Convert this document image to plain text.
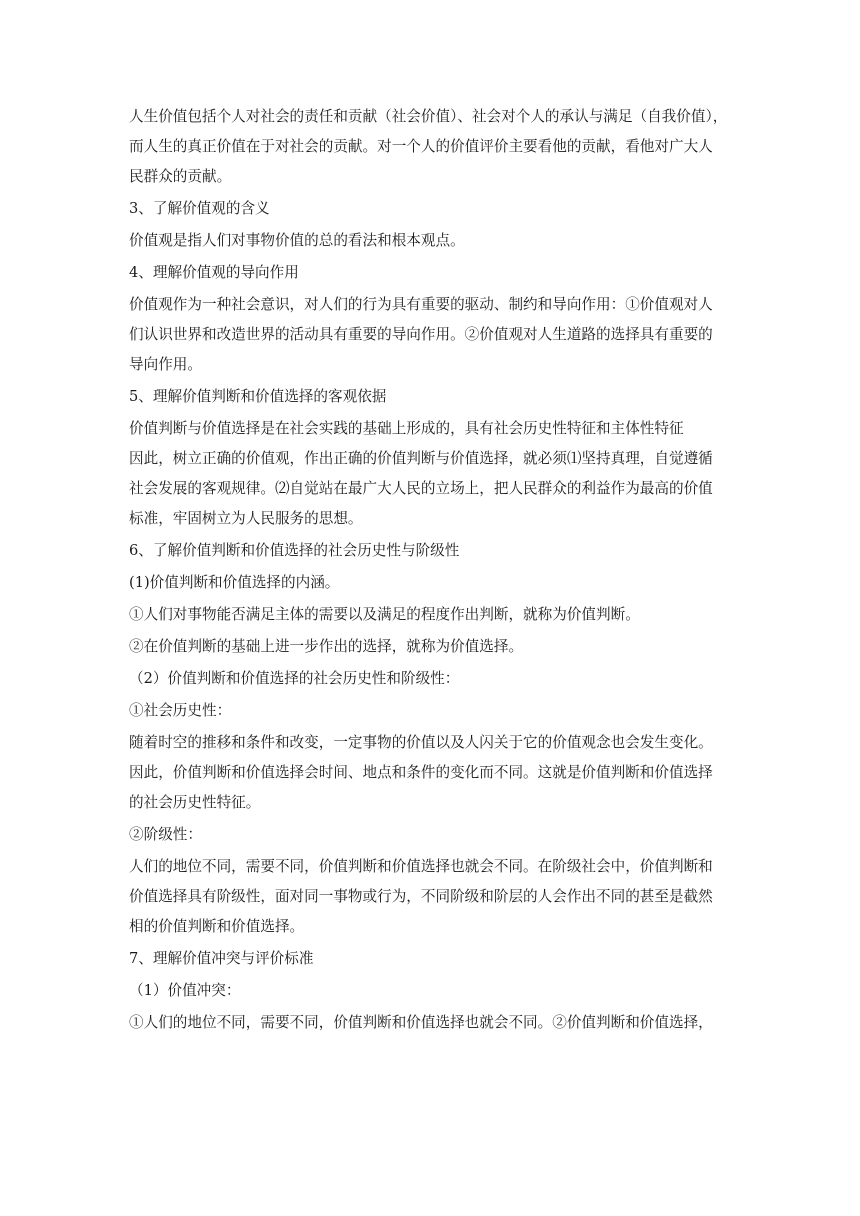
人生价值包括个人对社会的责任和贡献（社会价值）、社会对个人的承认与满足（自我价值），

而人生的真正价值在于对社会的贡献。对一个人的价值评价主要看他的贡献，看他对广大人

民群众的贡献。

3、了解价值观的含义

价值观是指人们对事物价值的总的看法和根本观点。

4、理解价值观的导向作用

价值观作为一种社会意识，对人们的行为具有重要的驱动、制约和导向作用：①价值观对人

们认识世界和改造世界的活动具有重要的导向作用。②价值观对人生道路的选择具有重要的

导向作用。

5、理解价值判断和价值选择的客观依据

价值判断与价值选择是在社会实践的基础上形成的，具有社会历史性特征和主体性特征

因此，树立正确的价值观，作出正确的价值判断与价值选择，就必须⑴坚持真理，自觉遵循

社会发展的客观规律。⑵自觉站在最广大人民的立场上，把人民群众的利益作为最高的价值

标准，牢固树立为人民服务的思想。

6、了解价值判断和价值选择的社会历史性与阶级性

(1)价值判断和价值选择的内涵。

①人们对事物能否满足主体的需要以及满足的程度作出判断，就称为价值判断。

②在价值判断的基础上进一步作出的选择，就称为价值选择。

（2）价值判断和价值选择的社会历史性和阶级性：

①社会历史性：

随着时空的推移和条件和改变，一定事物的价值以及人闪关于它的价值观念也会发生变化。

因此，价值判断和价值选择会时间、地点和条件的变化而不同。这就是价值判断和价值选择

的社会历史性特征。

②阶级性：

人们的地位不同，需要不同，价值判断和价值选择也就会不同。在阶级社会中，价值判断和

价值选择具有阶级性，面对同一事物或行为，不同阶级和阶层的人会作出不同的甚至是截然

相的价值判断和价值选择。

7、理解价值冲突与评价标准

（1）价值冲突：

①人们的地位不同，需要不同，价值判断和价值选择也就会不同。②价值判断和价值选择，
